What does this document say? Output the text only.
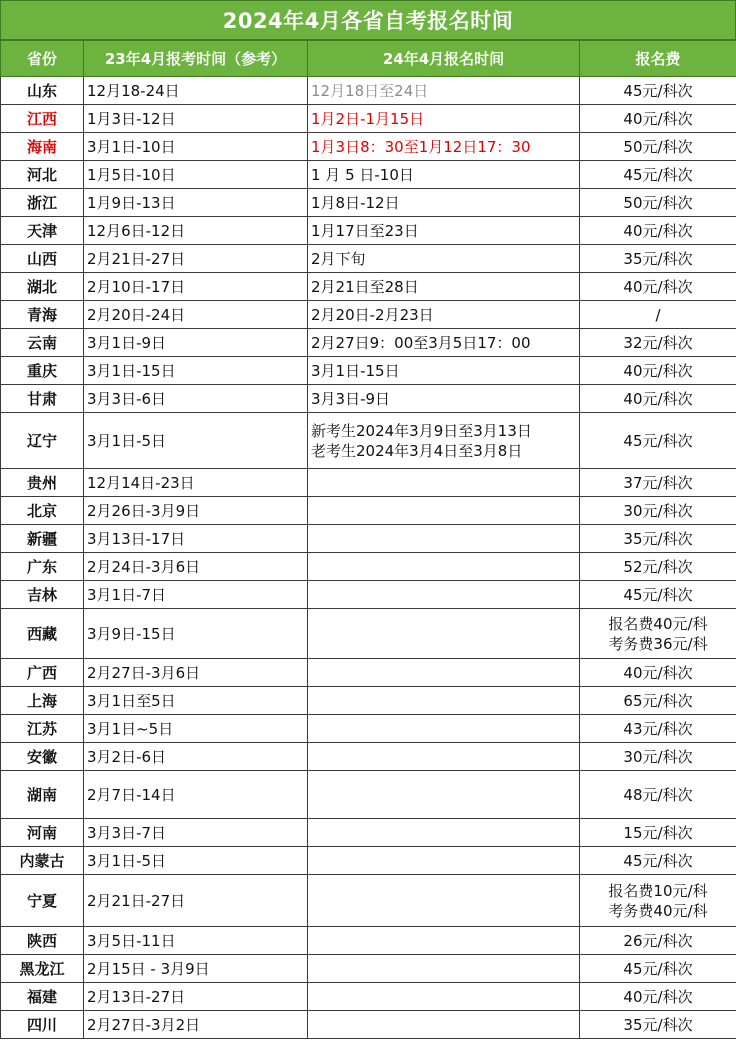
2024年4月各省自考报名时间
省份	23年4月报考时间（参考）	24年4月报名时间	报名费
山东	12月18-24日	12月18日至24日	45元/科次

江西	1月3日-12日	1月2日-1月15日	40元/科次

海南	3月1日-10日	1月3日8：30至1月12日17：30	50元/科次

河北	1月5日-10日	1 月 5 日-10日	45元/科次

浙江	1月9日-13日	1月8日-12日	50元/科次

天津	12月6日-12日	1月17日至23日	40元/科次

山西	2月21日-27日	2月下旬	35元/科次

湖北	2月10日-17日	2月21日至28日	40元/科次

青海	2月20日-24日	2月20日-2月23日	/

云南	3月1日-9日	2月27日9：00至3月5日17：00	32元/科次

重庆	3月1日-15日	3月1日-15日	40元/科次

甘肃	3月3日-6日	3月3日-9日	40元/科次

辽宁	3月1日-5日	新考生2024年3月9日至3月13日
老考生2024年3月4日至3月8日	45元/科次

贵州	12月14日-23日		37元/科次

北京	2月26日-3月9日		30元/科次

新疆	3月13日-17日		35元/科次

广东	2月24日-3月6日		52元/科次

吉林	3月1日-7日		45元/科次

西藏	3月9日-15日		报名费40元/科
考务费36元/科

广西	2月27日-3月6日		40元/科次

上海	3月1日至5日		65元/科次

江苏	3月1日~5日		43元/科次

安徽	3月2日-6日		30元/科次

湖南	2月7日-14日		48元/科次

河南	3月3日-7日		15元/科次

内蒙古	3月1日-5日		45元/科次

宁夏	2月21日-27日		报名费10元/科
考务费40元/科

陕西	3月5日-11日		26元/科次

黑龙江	2月15日 - 3月9日		45元/科次

福建	2月13日-27日		40元/科次

四川	2月27日-3月2日		35元/科次
